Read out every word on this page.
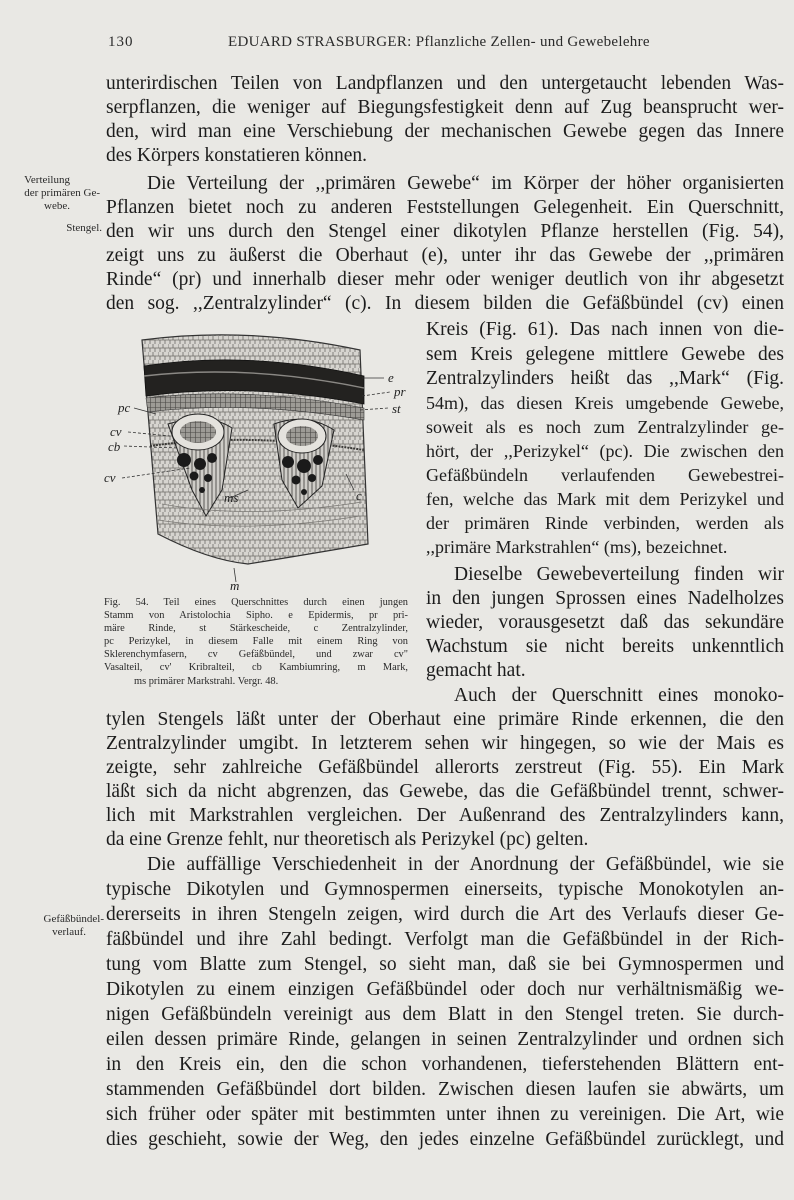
130	EDUARD STRASBURGER: Pflanzliche Zellen- und Gewebelehre
Verteilung
der primären Ge-
webe.
Stengel.
Gefäßbündel-
verlauf.
unterirdischen Teilen von Landpflanzen und den untergetaucht lebenden Was-
serpflanzen, die weniger auf Biegungsfestigkeit denn auf Zug beansprucht wer-
den, wird man eine Verschiebung der mechanischen Gewebe gegen das Innere
des Körpers konstatieren können.
Die Verteilung der ,,primären Gewebe“ im Körper der höher organisierten
Pflanzen bietet noch zu anderen Feststellungen Gelegenheit. Ein Querschnitt,
den wir uns durch den Stengel einer dikotylen Pflanze herstellen (Fig. 54),
zeigt uns zu äußerst die Oberhaut (e), unter ihr das Gewebe der ,,primären
Rinde“ (pr) und innerhalb dieser mehr oder weniger deutlich von ihr abgesetzt
den sog. ,,Zentralzylinder“ (c). In diesem bilden die Gefäßbündel (cv) einen
e
pr
st
pc
cv
cb
cv
ms	c
m
Fig. 54. Teil eines Querschnittes durch einen jungen
Stamm von Aristolochia Sipho. e Epidermis, pr pri-
märe Rinde, st Stärkescheide, c Zentralzylinder,
pc Perizykel, in diesem Falle mit einem Ring von
Sklerenchymfasern, cv Gefäßbündel, und zwar cv"
Vasalteil, cv' Kribralteil, cb Kambiumring, m Mark,
ms primärer Markstrahl. Vergr. 48.
Kreis (Fig. 61). Das nach innen von die-
sem Kreis gelegene mittlere Gewebe des
Zentralzylinders heißt das ,,Mark“ (Fig.
54m), das diesen Kreis umgebende Gewebe,
soweit als es noch zum Zentralzylinder ge-
hört, der ,,Perizykel“ (pc). Die zwischen den
Gefäßbündeln verlaufenden Gewebestrei-
fen, welche das Mark mit dem Perizykel und
der primären Rinde verbinden, werden als
,,primäre Markstrahlen“ (ms), bezeichnet.
Dieselbe Gewebeverteilung finden wir
in den jungen Sprossen eines Nadelholzes
wieder, vorausgesetzt daß das sekundäre
Wachstum sie nicht bereits unkenntlich
gemacht hat.
Auch der Querschnitt eines monoko-
tylen Stengels läßt unter der Oberhaut eine primäre Rinde erkennen, die den
Zentralzylinder umgibt. In letzterem sehen wir hingegen, so wie der Mais es
zeigte, sehr zahlreiche Gefäßbündel allerorts zerstreut (Fig. 55). Ein Mark
läßt sich da nicht abgrenzen, das Gewebe, das die Gefäßbündel trennt, schwer-
lich mit Markstrahlen vergleichen. Der Außenrand des Zentralzylinders kann,
da eine Grenze fehlt, nur theoretisch als Perizykel (pc) gelten.
Die auffällige Verschiedenheit in der Anordnung der Gefäßbündel, wie sie
typische Dikotylen und Gymnospermen einerseits, typische Monokotylen an-
dererseits in ihren Stengeln zeigen, wird durch die Art des Verlaufs dieser Ge-
fäßbündel und ihre Zahl bedingt. Verfolgt man die Gefäßbündel in der Rich-
tung vom Blatte zum Stengel, so sieht man, daß sie bei Gymnospermen und
Dikotylen zu einem einzigen Gefäßbündel oder doch nur verhältnismäßig we-
nigen Gefäßbündeln vereinigt aus dem Blatt in den Stengel treten. Sie durch-
eilen dessen primäre Rinde, gelangen in seinen Zentralzylinder und ordnen sich
in den Kreis ein, den die schon vorhandenen, tieferstehenden Blättern ent-
stammenden Gefäßbündel dort bilden. Zwischen diesen laufen sie abwärts, um
sich früher oder später mit bestimmten unter ihnen zu vereinigen. Die Art, wie
dies geschieht, sowie der Weg, den jedes einzelne Gefäßbündel zurücklegt, und
